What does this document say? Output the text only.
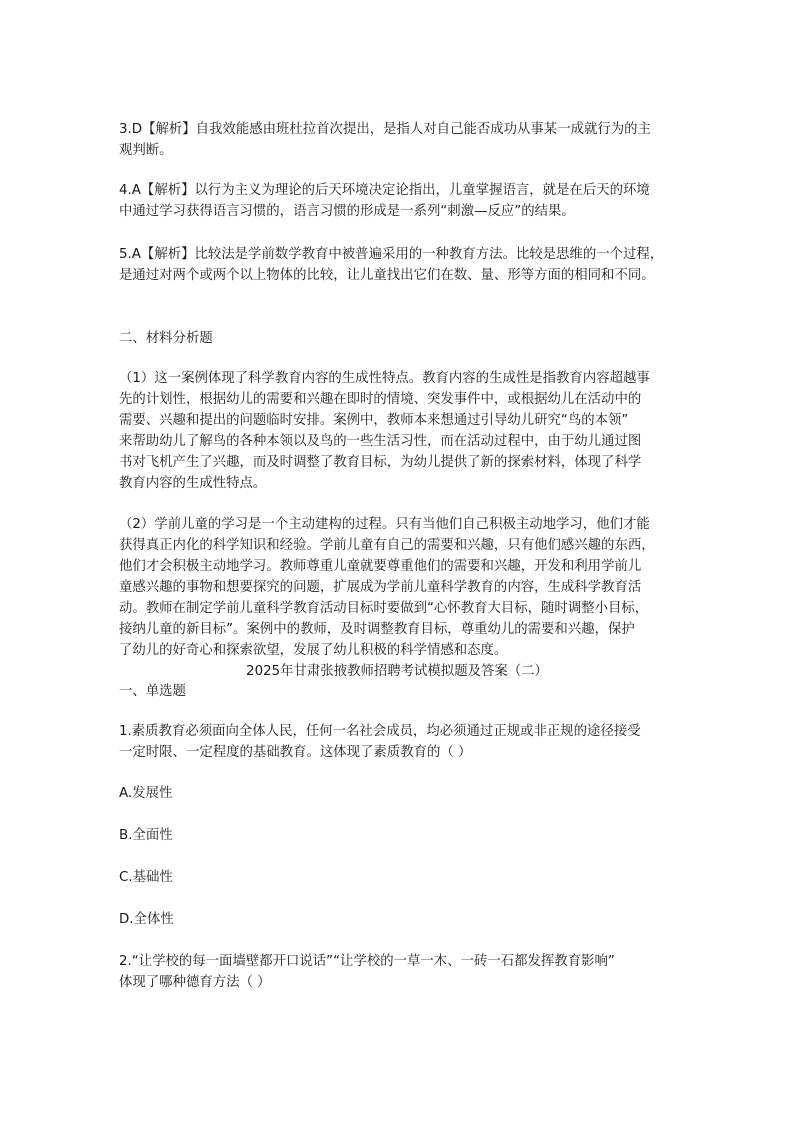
3.D【解析】自我效能感由班杜拉首次提出，是指人对自己能否成功从事某一成就行为的主
观判断。
4.A【解析】以行为主义为理论的后天环境决定论指出，儿童掌握语言，就是在后天的环境
中通过学习获得语言习惯的，语言习惯的形成是一系列“刺激—反应”的结果。
5.A【解析】比较法是学前数学教育中被普遍采用的一种教育方法。比较是思维的一个过程，
是通过对两个或两个以上物体的比较，让儿童找出它们在数、量、形等方面的相同和不同。
二、材料分析题
（1）这一案例体现了科学教育内容的生成性特点。教育内容的生成性是指教育内容超越事
先的计划性，根据幼儿的需要和兴趣在即时的情境、突发事件中，或根据幼儿在活动中的
需要、兴趣和提出的问题临时安排。案例中，教师本来想通过引导幼儿研究“鸟的本领”
来帮助幼儿了解鸟的各种本领以及鸟的一些生活习性，而在活动过程中，由于幼儿通过图
书对飞机产生了兴趣，而及时调整了教育目标，为幼儿提供了新的探索材料，体现了科学
教育内容的生成性特点。
（2）学前儿童的学习是一个主动建构的过程。只有当他们自己积极主动地学习，他们才能
获得真正内化的科学知识和经验。学前儿童有自己的需要和兴趣，只有他们感兴趣的东西，
他们才会积极主动地学习。教师尊重儿童就要尊重他们的需要和兴趣，开发和利用学前儿
童感兴趣的事物和想要探究的问题，扩展成为学前儿童科学教育的内容，生成科学教育活
动。教师在制定学前儿童科学教育活动目标时要做到“心怀教育大目标，随时调整小目标，
接纳儿童的新目标”。案例中的教师，及时调整教育目标，尊重幼儿的需要和兴趣，保护
了幼儿的好奇心和探索欲望，发展了幼儿积极的科学情感和态度。
2025年甘肃张掖教师招聘考试模拟题及答案（二）
一、单选题
1.素质教育必须面向全体人民，任何一名社会成员，均必须通过正规或非正规的途径接受
一定时限、一定程度的基础教育。这体现了素质教育的（ ）
A.发展性
B.全面性
C.基础性
D.全体性
2.“让学校的每一面墙壁都开口说话”“让学校的一草一木、一砖一石都发挥教育影响”
体现了哪种德育方法（ ）
